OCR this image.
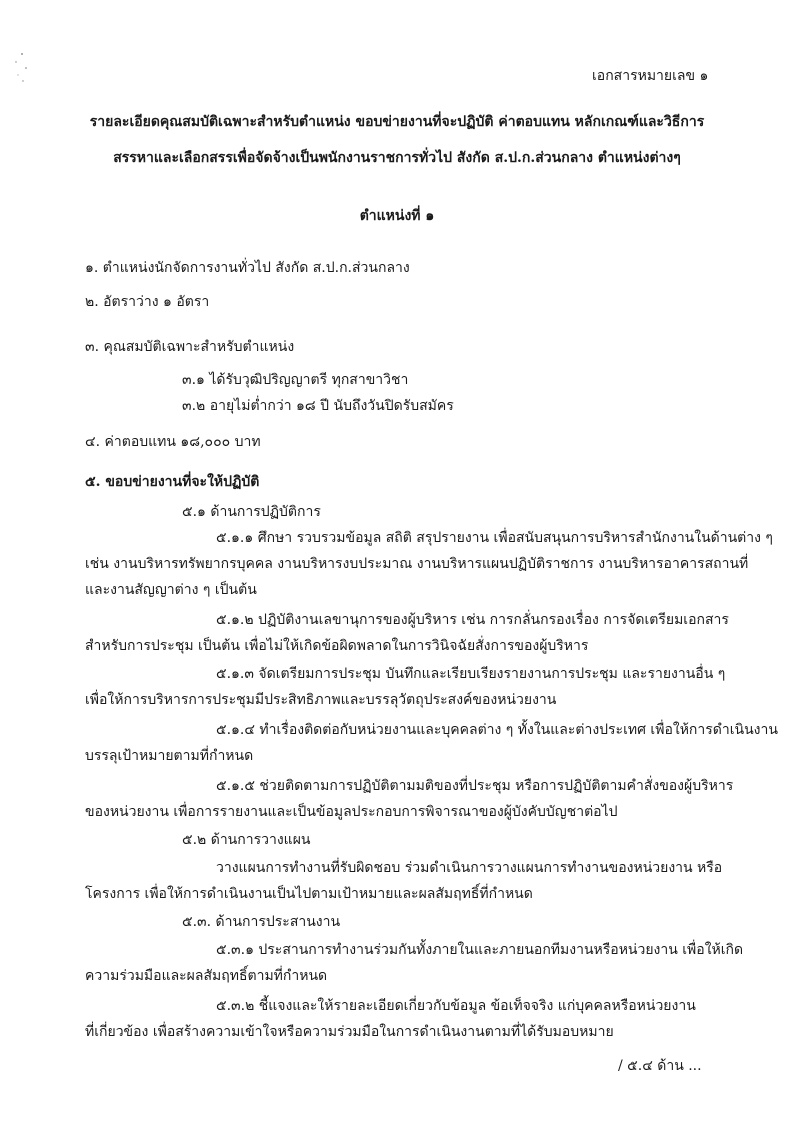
เอกสารหมายเลข ๑
รายละเอียดคุณสมบัติเฉพาะสำหรับตำแหน่ง ขอบข่ายงานที่จะปฏิบัติ ค่าตอบแทน หลักเกณฑ์และวิธีการ
สรรหาและเลือกสรรเพื่อจัดจ้างเป็นพนักงานราชการทั่วไป สังกัด ส.ป.ก.ส่วนกลาง ตำแหน่งต่างๆ
ตำแหน่งที่ ๑
๑. ตำแหน่งนักจัดการงานทั่วไป สังกัด ส.ป.ก.ส่วนกลาง
๒. อัตราว่าง ๑ อัตรา
๓. คุณสมบัติเฉพาะสำหรับตำแหน่ง
๓.๑ ได้รับวุฒิปริญญาตรี ทุกสาขาวิชา
๓.๒ อายุไม่ต่ำกว่า ๑๘ ปี นับถึงวันปิดรับสมัคร
๔. ค่าตอบแทน ๑๘,๐๐๐ บาท
๕. ขอบข่ายงานที่จะให้ปฏิบัติ
๕.๑ ด้านการปฏิบัติการ
๕.๑.๑ ศึกษา รวบรวมข้อมูล สถิติ สรุปรายงาน เพื่อสนับสนุนการบริหารสำนักงานในด้านต่าง ๆ
เช่น งานบริหารทรัพยากรบุคคล งานบริหารงบประมาณ งานบริหารแผนปฏิบัติราชการ งานบริหารอาคารสถานที่
และงานสัญญาต่าง ๆ เป็นต้น
๕.๑.๒ ปฏิบัติงานเลขานุการของผู้บริหาร เช่น การกลั่นกรองเรื่อง การจัดเตรียมเอกสาร
สำหรับการประชุม เป็นต้น เพื่อไม่ให้เกิดข้อผิดพลาดในการวินิจฉัยสั่งการของผู้บริหาร
๕.๑.๓ จัดเตรียมการประชุม บันทึกและเรียบเรียงรายงานการประชุม และรายงานอื่น ๆ
เพื่อให้การบริหารการประชุมมีประสิทธิภาพและบรรลุวัตถุประสงค์ของหน่วยงาน
๕.๑.๔ ทำเรื่องติดต่อกับหน่วยงานและบุคคลต่าง ๆ ทั้งในและต่างประเทศ เพื่อให้การดำเนินงาน
บรรลุเป้าหมายตามที่กำหนด
๕.๑.๕ ช่วยติดตามการปฏิบัติตามมติของที่ประชุม หรือการปฏิบัติตามคำสั่งของผู้บริหาร
ของหน่วยงาน เพื่อการรายงานและเป็นข้อมูลประกอบการพิจารณาของผู้บังคับบัญชาต่อไป
๕.๒ ด้านการวางแผน
วางแผนการทำงานที่รับผิดชอบ ร่วมดำเนินการวางแผนการทำงานของหน่วยงาน หรือ
โครงการ เพื่อให้การดำเนินงานเป็นไปตามเป้าหมายและผลสัมฤทธิ์ที่กำหนด
๕.๓. ด้านการประสานงาน
๕.๓.๑ ประสานการทำงานร่วมกันทั้งภายในและภายนอกทีมงานหรือหน่วยงาน เพื่อให้เกิด
ความร่วมมือและผลสัมฤทธิ์ตามที่กำหนด
๕.๓.๒ ชี้แจงและให้รายละเอียดเกี่ยวกับข้อมูล ข้อเท็จจริง แก่บุคคลหรือหน่วยงาน
ที่เกี่ยวข้อง เพื่อสร้างความเข้าใจหรือความร่วมมือในการดำเนินงานตามที่ได้รับมอบหมาย
/ ๕.๔ ด้าน ...
